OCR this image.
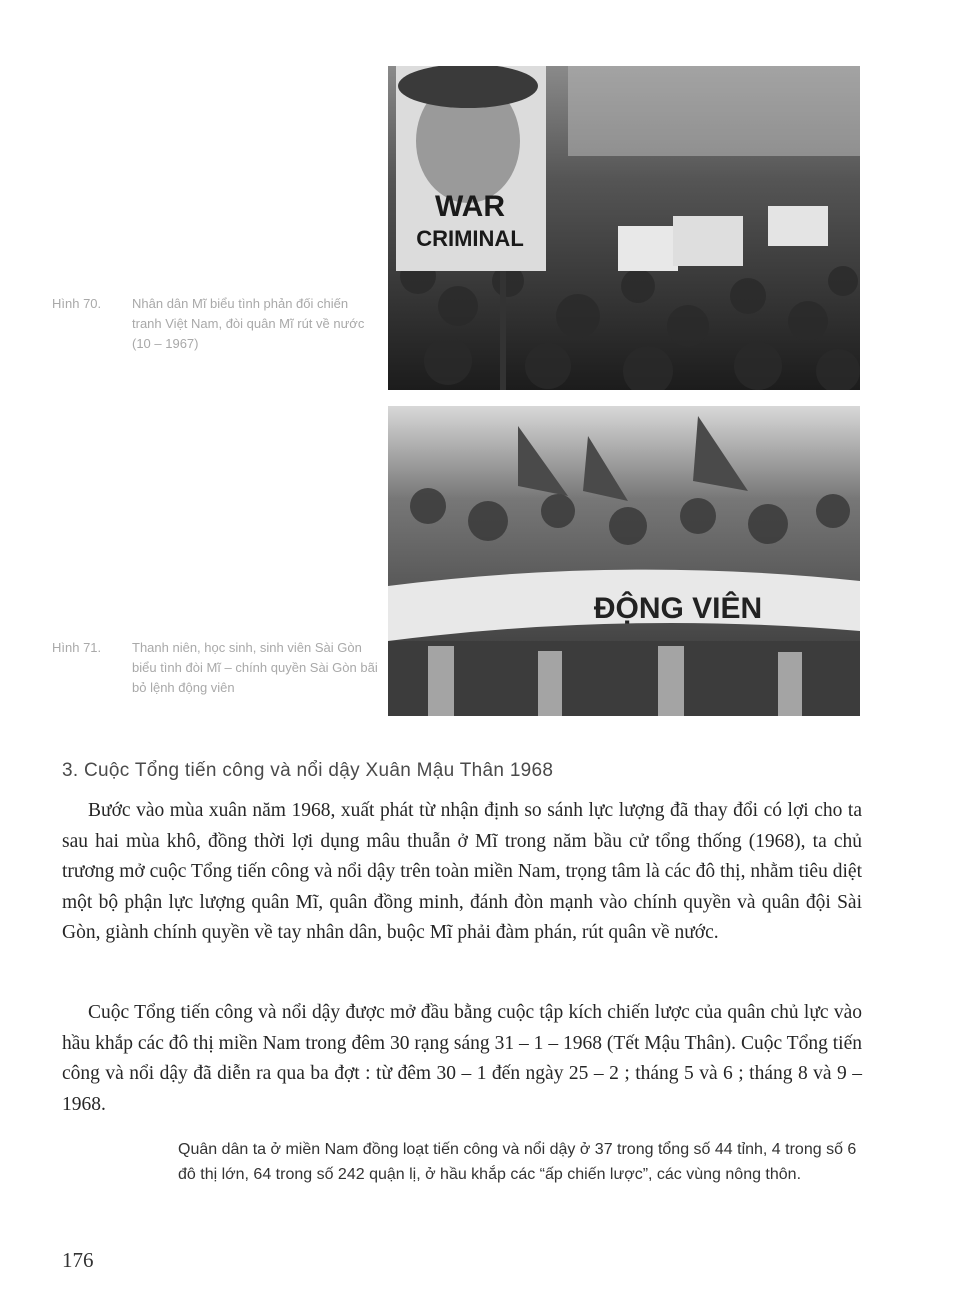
WAR
CRIMINAL
Hình 70. Nhân dân Mĩ biểu tình phản đối chiến tranh Việt Nam, đòi quân Mĩ rút về nước (10 – 1967)
ĐỘNG VIÊN
Hình 71. Thanh niên, học sinh, sinh viên Sài Gòn biểu tình đòi Mĩ – chính quyền Sài Gòn bãi bỏ lệnh động viên
3. Cuộc Tổng tiến công và nổi dậy Xuân Mậu Thân 1968

Bước vào mùa xuân năm 1968, xuất phát từ nhận định so sánh lực lượng đã thay đổi có lợi cho ta sau hai mùa khô, đồng thời lợi dụng mâu thuẫn ở Mĩ trong năm bầu cử tổng thống (1968), ta chủ trương mở cuộc Tổng tiến công và nổi dậy trên toàn miền Nam, trọng tâm là các đô thị, nhằm tiêu diệt một bộ phận lực lượng quân Mĩ, quân đồng minh, đánh đòn mạnh vào chính quyền và quân đội Sài Gòn, giành chính quyền về tay nhân dân, buộc Mĩ phải đàm phán, rút quân về nước.

Cuộc Tổng tiến công và nổi dậy được mở đầu bằng cuộc tập kích chiến lược của quân chủ lực vào hầu khắp các đô thị miền Nam trong đêm 30 rạng sáng 31 – 1 – 1968 (Tết Mậu Thân). Cuộc Tổng tiến công và nổi dậy đã diễn ra qua ba đợt : từ đêm 30 – 1 đến ngày 25 – 2 ; tháng 5 và 6 ; tháng 8 và 9 – 1968.

Quân dân ta ở miền Nam đồng loạt tiến công và nổi dậy ở 37 trong tổng số 44 tỉnh, 4 trong số 6 đô thị lớn, 64 trong số 242 quận lị, ở hầu khắp các “ấp chiến lược”, các vùng nông thôn.

176
